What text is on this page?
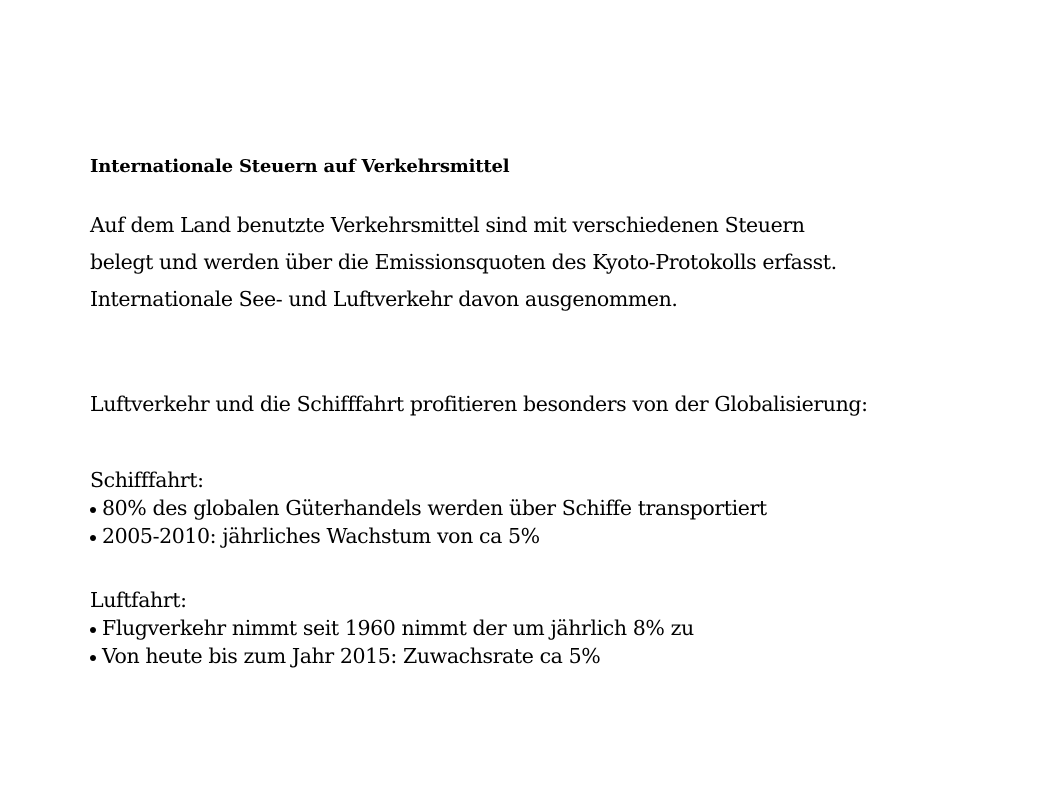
Internationale Steuern auf Verkehrsmittel
Auf dem Land benutzte Verkehrsmittel sind mit verschiedenen Steuern
belegt und werden über die Emissionsquoten des Kyoto-Protokolls erfasst.
Internationale See- und Luftverkehr davon ausgenommen.
Luftverkehr und die Schifffahrt profitieren besonders von der Globalisierung:
Schifffahrt:
80% des globalen Güterhandels werden über Schiffe transportiert
2005-2010: jährliches Wachstum von ca 5%
Luftfahrt:
Flugverkehr nimmt seit 1960 nimmt der um jährlich 8% zu
Von heute bis zum Jahr 2015: Zuwachsrate ca 5%
